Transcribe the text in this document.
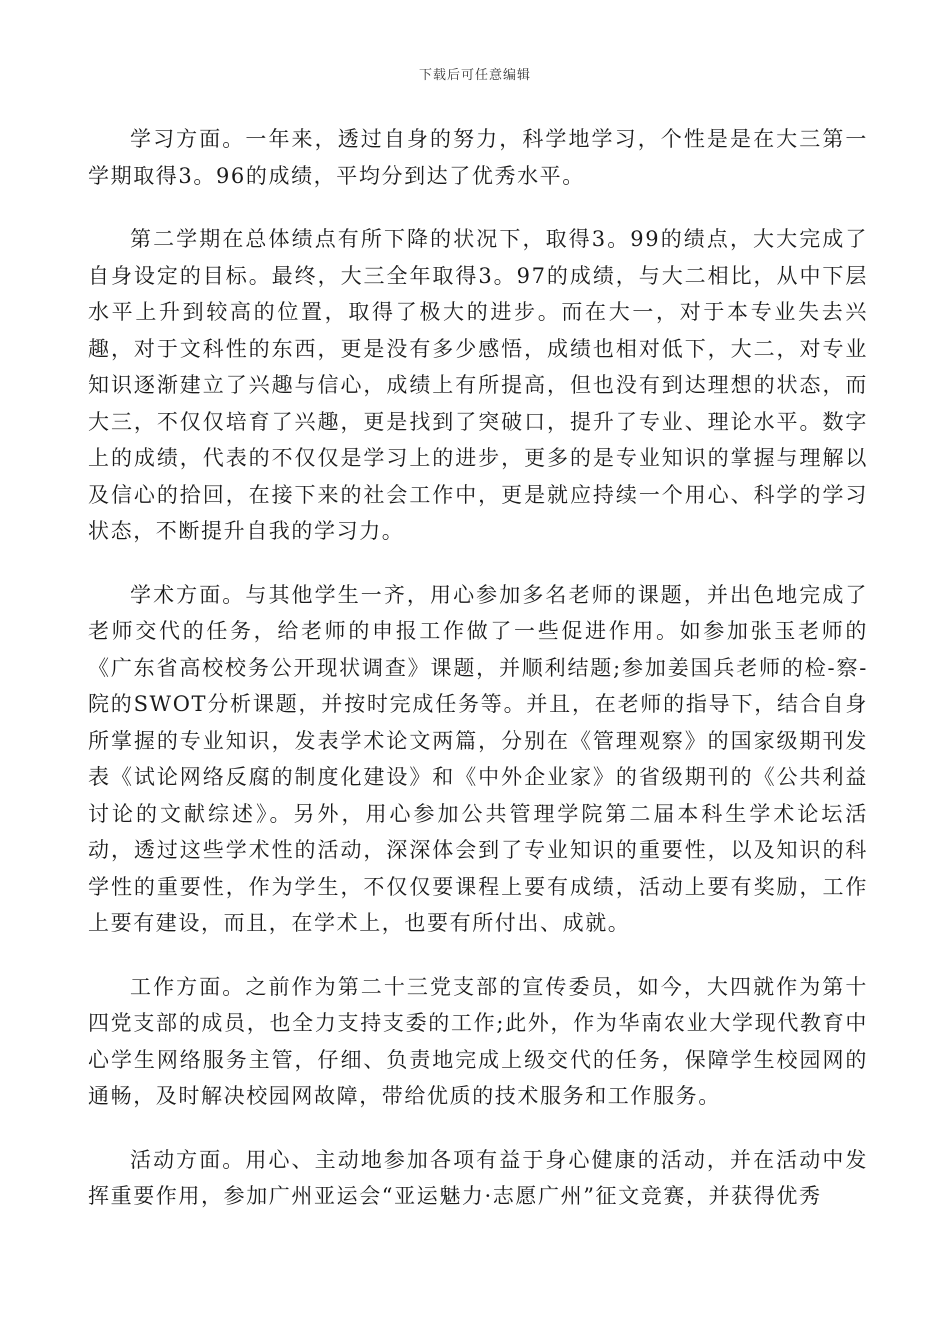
下载后可任意编辑

学习方面。一年来，透过自身的努力，科学地学习，个性是是在大三第一学期取得3。96的成绩，平均分到达了优秀水平。

第二学期在总体绩点有所下降的状况下，取得3。99的绩点，大大完成了自身设定的目标。最终，大三全年取得3。97的成绩，与大二相比，从中下层水平上升到较高的位置，取得了极大的进步。而在大一，对于本专业失去兴趣，对于文科性的东西，更是没有多少感悟，成绩也相对低下，大二，对专业知识逐渐建立了兴趣与信心，成绩上有所提高，但也没有到达理想的状态，而大三，不仅仅培育了兴趣，更是找到了突破口，提升了专业、理论水平。数字上的成绩，代表的不仅仅是学习上的进步，更多的是专业知识的掌握与理解以及信心的拾回，在接下来的社会工作中，更是就应持续一个用心、科学的学习状态，不断提升自我的学习力。

学术方面。与其他学生一齐，用心参加多名老师的课题，并出色地完成了老师交代的任务，给老师的申报工作做了一些促进作用。如参加张玉老师的《广东省高校校务公开现状调查》课题，并顺利结题;参加姜国兵老师的检-察-院的SWOT分析课题，并按时完成任务等。并且，在老师的指导下，结合自身所掌握的专业知识，发表学术论文两篇，分别在《管理观察》的国家级期刊发表《试论网络反腐的制度化建设》和《中外企业家》的省级期刊的《公共利益讨论的文献综述》。另外，用心参加公共管理学院第二届本科生学术论坛活动，透过这些学术性的活动，深深体会到了专业知识的重要性，以及知识的科学性的重要性，作为学生，不仅仅要课程上要有成绩，活动上要有奖励，工作上要有建设，而且，在学术上，也要有所付出、成就。

工作方面。之前作为第二十三党支部的宣传委员，如今，大四就作为第十四党支部的成员，也全力支持支委的工作;此外，作为华南农业大学现代教育中心学生网络服务主管，仔细、负责地完成上级交代的任务，保障学生校园网的通畅，及时解决校园网故障，带给优质的技术服务和工作服务。

活动方面。用心、主动地参加各项有益于身心健康的活动，并在活动中发挥重要作用，参加广州亚运会“亚运魅力·志愿广州”征文竞赛，并获得优秀
